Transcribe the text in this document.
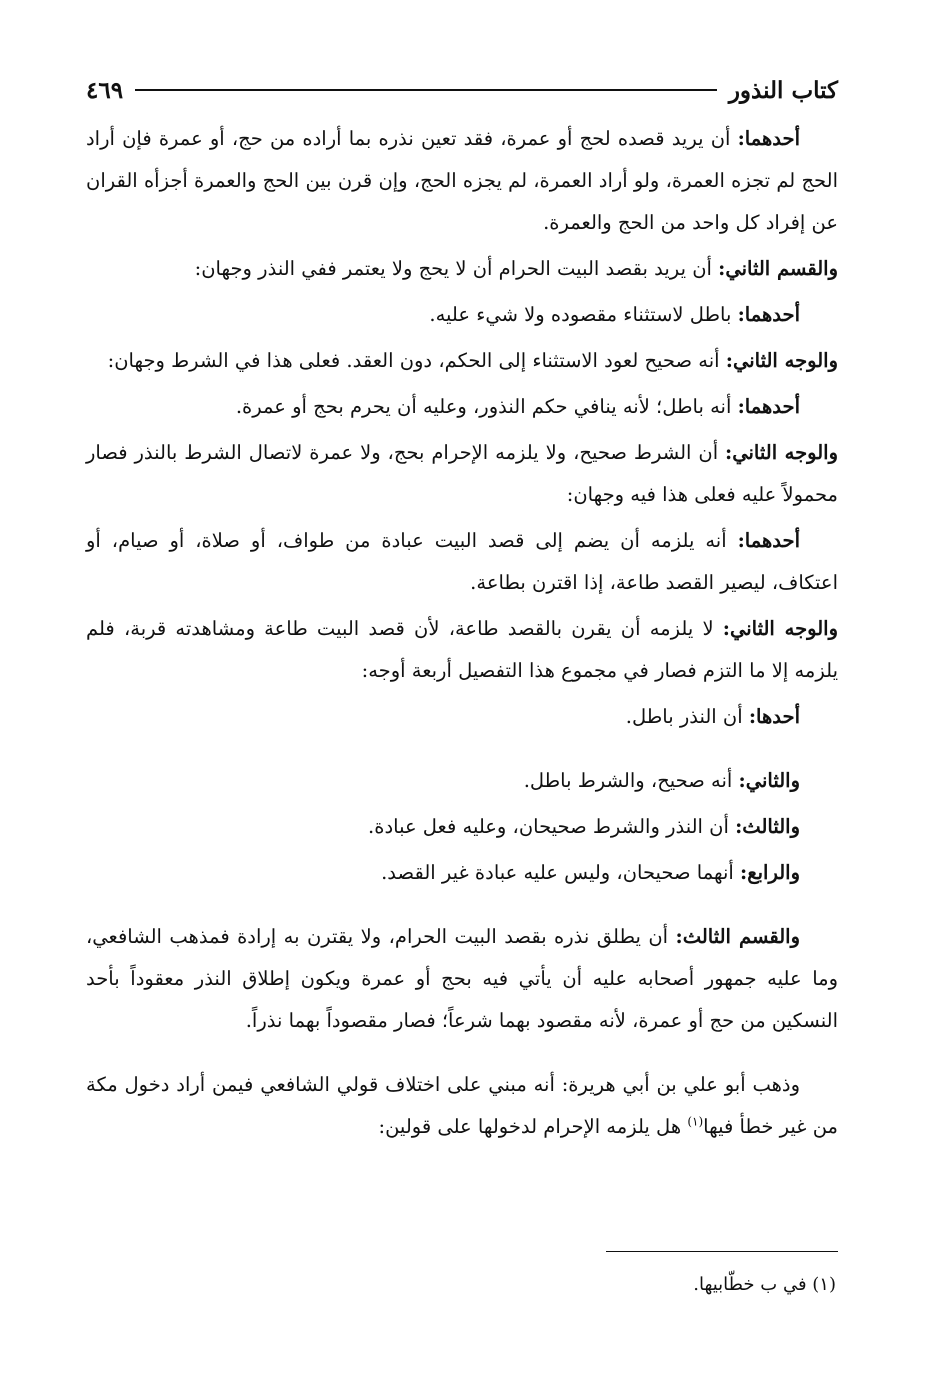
كتاب النذور
٤٦٩

أحدهما: أن يريد قصده لحج أو عمرة، فقد تعين نذره بما أراده من حج، أو عمرة فإن أراد الحج لم تجزه العمرة، ولو أراد العمرة، لم يجزه الحج، وإن قرن بين الحج والعمرة أجزأه القران عن إفراد كل واحد من الحج والعمرة.

والقسم الثاني: أن يريد بقصد البيت الحرام أن لا يحج ولا يعتمر ففي النذر وجهان:

أحدهما: باطل لاستثناء مقصوده ولا شيء عليه.

والوجه الثاني: أنه صحيح لعود الاستثناء إلى الحكم، دون العقد. فعلى هذا في الشرط وجهان:

أحدهما: أنه باطل؛ لأنه ينافي حكم النذور، وعليه أن يحرم بحج أو عمرة.

والوجه الثاني: أن الشرط صحيح، ولا يلزمه الإحرام بحج، ولا عمرة لاتصال الشرط بالنذر فصار محمولاً عليه فعلى هذا فيه وجهان:

أحدهما: أنه يلزمه أن يضم إلى قصد البيت عبادة من طواف، أو صلاة، أو صيام، أو اعتكاف، ليصير القصد طاعة، إذا اقترن بطاعة.

والوجه الثاني: لا يلزمه أن يقرن بالقصد طاعة، لأن قصد البيت طاعة ومشاهدته قربة، فلم يلزمه إلا ما التزم فصار في مجموع هذا التفصيل أربعة أوجه:

أحدها: أن النذر باطل.

والثاني: أنه صحيح، والشرط باطل.

والثالث: أن النذر والشرط صحيحان، وعليه فعل عبادة.

والرابع: أنهما صحيحان، وليس عليه عبادة غير القصد.

والقسم الثالث: أن يطلق نذره بقصد البيت الحرام، ولا يقترن به إرادة فمذهب الشافعي، وما عليه جمهور أصحابه عليه أن يأتي فيه بحج أو عمرة ويكون إطلاق النذر معقوداً بأحد النسكين من حج أو عمرة، لأنه مقصود بهما شرعاً؛ فصار مقصوداً بهما نذراً.

وذهب أبو علي بن أبي هريرة: أنه مبني على اختلاف قولي الشافعي فيمن أراد دخول مكة من غير خطأ فيها$^{(١)}$ هل يلزمه الإحرام لدخولها على قولين:

(١) في ب خطّابيها.
